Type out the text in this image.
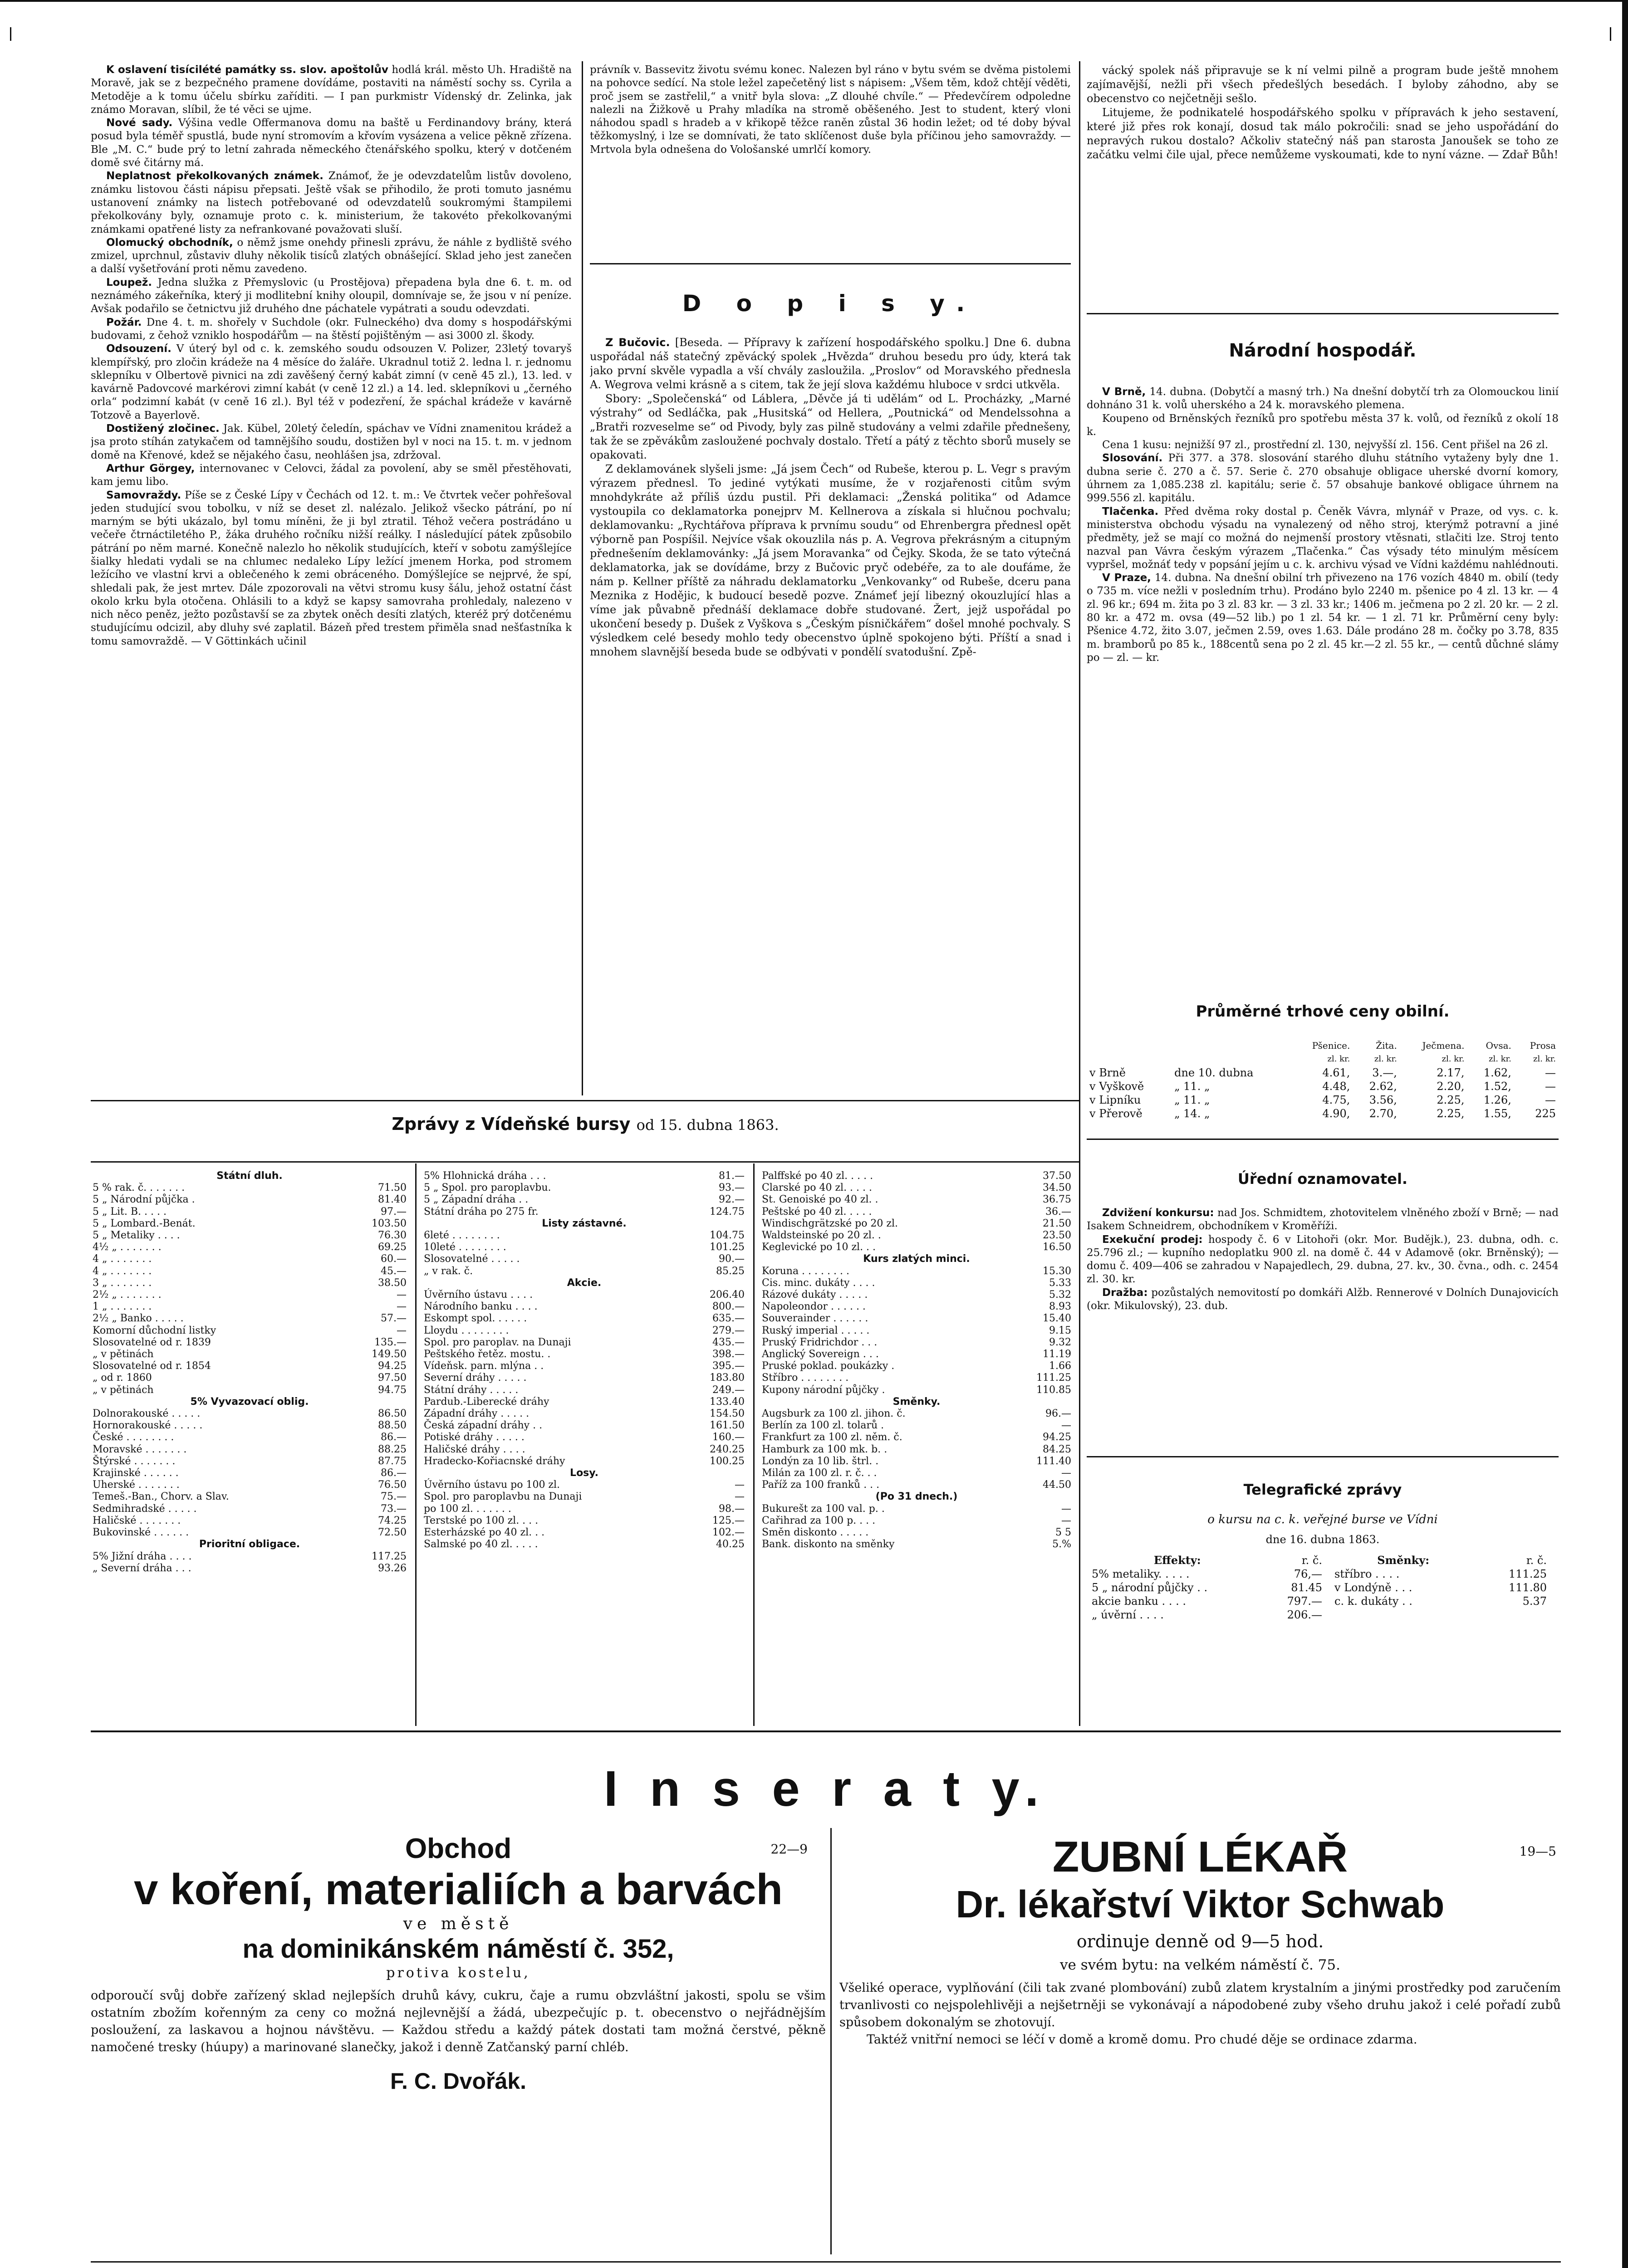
K oslavení tisícilété památky ss. slov. apoštolův hodlá král. město Uh. Hradiště na Moravě, jak se z bezpečného pramene dovídáme, postaviti na náměstí sochy ss. Cyrila a Metoděje a k tomu účelu sbírku zaříditi. — I pan purkmistr Vídenský dr. Zelinka, jak známo Moravan, slíbil, že té věci se ujme.

Nové sady. Výšina vedle Offermanova domu na baště u Ferdinandovy brány, která posud byla téměř spustlá, bude nyní stromovím a křovím vysázena a velice pěkně zřízena. Ble „M. C.“ bude prý to letní zahrada německého čtenářského spolku, který v dotčeném domě své čitárny má.

Neplatnost překolkovaných známek. Známoť, že je odevzdatelům listův dovoleno, známku listovou části nápisu přepsati. Ještě však se přihodilo, že proti tomuto jasnému ustanovení známky na listech potřebované od odevzdatelů soukromými štampilemi překolkovány byly, oznamuje proto c. k. ministerium, že takovéto překolkovanými známkami opatřené listy za nefrankované považovati sluší.

Olomucký obchodník, o němž jsme onehdy přinesli zprávu, že náhle z bydliště svého zmizel, uprchnul, zůstaviv dluhy několik tisíců zlatých obnášející. Sklad jeho jest zanečen a další vyšetřování proti němu zavedeno.

Loupež. Jedna služka z Přemyslovic (u Prostějova) přepadena byla dne 6. t. m. od neznámého zákeřníka, který ji modlitební knihy oloupil, domnívaje se, že jsou v ní peníze. Avšak podařilo se četnictvu již druhého dne páchatele vypátrati a soudu odevzdati.

Požár. Dne 4. t. m. shořely v Suchdole (okr. Fulneckého) dva domy s hospodářskými budovami, z čehož vzniklo hospodářům — na štěstí pojištěným — asi 3000 zl. škody.

Odsouzení. V úterý byl od c. k. zemského soudu odsouzen V. Polizer, 23letý tovaryš klempířský, pro zločin krádeže na 4 měsíce do žaláře. Ukradnul totiž 2. ledna l. r. jednomu sklepníku v Olbertově pivnici na zdi zavěšený černý kabát zimní (v ceně 45 zl.), 13. led. v kavárně Padovcové markérovi zimní kabát (v ceně 12 zl.) a 14. led. sklepníkovi u „černého orla“ podzimní kabát (v ceně 16 zl.). Byl též v podezření, že spáchal krádeže v kavárně Totzově a Bayerlově.

Dostižený zločinec. Jak. Kübel, 20letý čeledín, spáchav ve Vídni znamenitou krádež a jsa proto stíhán zatykačem od tamnějšího soudu, dostižen byl v noci na 15. t. m. v jednom domě na Křenové, kdež se nějakého času, neohlášen jsa, zdržoval.

Arthur Görgey, internovanec v Celovci, žádal za povolení, aby se směl přestěhovati, kam jemu libo.

Samovraždy. Píše se z České Lípy v Čechách od 12. t. m.: Ve čtvrtek večer pohřešoval jeden studující svou tobolku, v níž se deset zl. nalézalo. Jelikož všecko pátrání, po ní marným se býti ukázalo, byl tomu míněni, že ji byl ztratil. Téhož večera postrádáno u večeře čtrnáctiletého P., žáka druhého ročníku nižší reálky. I následující pátek způsobilo pátrání po něm marné. Konečně nalezlo ho několik studujících, kteří v sobotu zamýšlejíce šialky hledati vydali se na chlumec nedaleko Lípy ležící jmenem Horka, pod stromem ležícího ve vlastní krvi a oblečeného k zemi obráceného. Domýšlejíce se nejprvé, že spí, shledali pak, že jest mrtev. Dále zpozorovali na větvi stromu kusy šálu, jehož ostatní část okolo krku byla otočena. Ohlásili to a když se kapsy samovraha prohledaly, nalezeno v nich něco peněz, ježto pozůstavší se za zbytek oněch desíti zlatých, kteréž prý dotčenému studujícímu odcizil, aby dluhy své zaplatil. Bázeň před trestem přiměla snad nešťastníka k tomu samovraždě. — V Göttinkách učinil

právník v. Bassevitz životu svému konec. Nalezen byl ráno v bytu svém se dvěma pistolemi na pohovce sedící. Na stole ležel zapečetěný list s nápisem: „Všem těm, kdož chtějí věděti, proč jsem se zastřelil,“ a vnitř byla slova: „Z dlouhé chvíle.“ — Předevčírem odpoledne nalezli na Žižkově u Prahy mladíka na stromě oběšeného. Jest to student, který vloni náhodou spadl s hradeb a v křikopě těžce raněn zůstal 36 hodin ležet; od té doby býval těžkomyslný, i lze se domnívati, že tato sklíčenost duše byla příčinou jeho samovraždy. — Mrtvola byla odnešena do Vološanské umrlčí komory.

D o p i s y.

Z Bučovic. [Beseda. — Přípravy k zařízení hospodářského spolku.] Dne 6. dubna uspořádal náš statečný zpěvácký spolek „Hvězda“ druhou besedu pro údy, která tak jako první skvěle vypadla a vší chvály zasloužila. „Proslov“ od Moravského přednesla A. Wegrova velmi krásně a s citem, tak že její slova každému hluboce v srdci utkvěla.

Sbory: „Společenská“ od Láblera, „Děvče já ti udělám“ od L. Procházky, „Marné výstrahy“ od Sedláčka, pak „Husitská“ od Hellera, „Poutnická“ od Mendelssohna a „Bratři rozveselme se“ od Pivody, byly zas pilně studovány a velmi zdařile přednešeny, tak že se zpěvákům zasloužené pochvaly dostalo. Třetí a pátý z těchto sborů musely se opakovati.

Z deklamovánek slyšeli jsme: „Já jsem Čech“ od Rubeše, kterou p. L. Vegr s pravým výrazem přednesl. To jediné vytýkati musíme, že v rozjařenosti citům svým mnohdykráte až příliš úzdu pustil. Při deklamaci: „Ženská politika“ od Adamce vystoupila co deklamatorka ponejprv M. Kellnerova a získala si hlučnou pochvalu; deklamovanku: „Rychtářova příprava k prvnímu soudu“ od Ehrenbergra přednesl opět výborně pan Pospíšil. Nejvíce však okouzlila nás p. A. Vegrova překrásným a citupným přednešením deklamovánky: „Já jsem Moravanka“ od Čejky. Skoda, že se tato výtečná deklamatorka, jak se dovídáme, brzy z Bučovic pryč odebéře, za to ale doufáme, že nám p. Kellner příště za náhradu deklamatorku „Venkovanky“ od Rubeše, dceru pana Meznika z Hodějic, k budoucí besedě pozve. Známeť její libezný okouzlující hlas a víme jak půvabně přednáší deklamace dobře studované. Žert, jejž uspořádal po ukončení besedy p. Dušek z Vyškova s „Českým písničkářem“ došel mnohé pochvaly. S výsledkem celé besedy mohlo tedy obecenstvo úplně spokojeno býti. Příští a snad i mnohem slavnější beseda bude se odbývati v pondělí svatodušní. Zpě-

vácký spolek náš připravuje se k ní velmi pilně a program bude ještě mnohem zajímavější, nežli při všech předešlých besedách. I byloby záhodno, aby se obecenstvo co nejčetněji sešlo.

Litujeme, že podnikatelé hospodářského spolku v přípravách k jeho sestavení, které již přes rok konají, dosud tak málo pokročili: snad se jeho uspořádání do nepravých rukou dostalo? Ačkoliv statečný náš pan starosta Janoušek se toho ze začátku velmi čile ujal, přece nemůžeme vyskoumati, kde to nyní vázne. — Zdař Bůh!

Národní hospodář.

V Brně, 14. dubna. (Dobytčí a masný trh.) Na dnešní dobytčí trh za Olomouckou linií dohnáno 31 k. volů uherského a 24 k. moravského plemena.

Koupeno od Brněnských řezníků pro spotřebu města 37 k. volů, od řezníků z okolí 18 k.

Cena 1 kusu: nejnižší 97 zl., prostřední zl. 130, nejvyšší zl. 156. Cent přišel na 26 zl.

Slosování. Při 377. a 378. slosování starého dluhu státního vytaženy byly dne 1. dubna serie č. 270 a č. 57. Serie č. 270 obsahuje obligace uherské dvorní komory, úhrnem za 1,085.238 zl. kapitálu; serie č. 57 obsahuje bankové obligace úhrnem na 999.556 zl. kapitálu.

Tlačenka. Před dvěma roky dostal p. Čeněk Vávra, mlynář v Praze, od vys. c. k. ministerstva obchodu výsadu na vynalezený od něho stroj, kterýmž potravní a jiné předměty, jež se mají co možná do nejmenší prostory vtěsnati, stlačiti lze. Stroj tento nazval pan Vávra českým výrazem „Tlačenka.“ Čas výsady této minulým měsícem vypršel, možnáť tedy v popsání jejím u c. k. archivu výsad ve Vídni každému nahlédnouti.

V Praze, 14. dubna. Na dnešní obilní trh přivezeno na 176 vozích 4840 m. obilí (tedy o 735 m. více nežli v posledním trhu). Prodáno bylo 2240 m. pšenice po 4 zl. 13 kr. — 4 zl. 96 kr.; 694 m. žita po 3 zl. 83 kr. — 3 zl. 33 kr.; 1406 m. ječmena po 2 zl. 20 kr. — 2 zl. 80 kr. a 472 m. ovsa (49—52 lib.) po 1 zl. 54 kr. — 1 zl. 71 kr. Průměrní ceny byly: Pšenice 4.72, žito 3.07, ječmen 2.59, oves 1.63. Dále prodáno 28 m. čočky po 3.78, 835 m. bramborů po 85 k., 188centů sena po 2 zl. 45 kr.—2 zl. 55 kr., — centů důchné slámy po — zl. — kr.

Průměrné trhové ceny obilní.
		Pšenice.	Žita.	Ječmena.	Ovsa.	Prosa
		zl. kr.	zl. kr.	zl. kr.	zl. kr.	zl. kr.
v Brně	dne 10. dubna	4.61,	3.—,	2.17,	1.62,	—
v Vyškově	„ 11. „	4.48,	2.62,	2.20,	1.52,	—
v Lipníku	„ 11. „	4.75,	3.56,	2.25,	1.26,	—
v Přerově	„ 14. „	4.90,	2.70,	2.25,	1.55,	225
Zprávy z Vídeňské bursy od 15. dubna 1863.
Státní dluh.	
5 % rak. č. . . . . . .	71.50
5 „ Národní půjčka .	81.40
5 „ Lit. B. . . . .	97.—
5 „ Lombard.-Benát.	103.50
5 „ Metaliky . . . .	76.30
4½ „ . . . . . . .	69.25
4 „ . . . . . . .	60.—
4 „ . . . . . . .	45.—
3 „ . . . . . . .	38.50
2½ „ . . . . . . .	—
1 „ . . . . . . .	—
2½ „ Banko . . . . .	57.—
Komorní důchodní listky	—
Slosovatelné od r. 1839	135.—
„ v pětinách	149.50
Slosovatelné od r. 1854	94.25
„ od r. 1860	97.50
„ v pětinách	94.75
5% Vyvazovací oblig.	
Dolnorakouské . . . . .	86.50
Hornorakouské . . . . .	88.50
České . . . . . . . .	86.—
Moravské . . . . . . .	88.25
Štýrské . . . . . . .	87.75
Krajinské . . . . . .	86.—
Uherské . . . . . . .	76.50
Temeš.-Ban., Chorv. a Slav.	75.—
Sedmihradské . . . . .	73.—
Haličské . . . . . . .	74.25
Bukovinské . . . . . .	72.50
Prioritní obligace.	
5% Jižní dráha . . . .	117.25
„ Severní dráha . . .	93.26
5% Hlohnická dráha . . .	81.—
5 „ Spol. pro paroplavbu.	93.—
5 „ Západní dráha . .	92.—
Státní dráha po 275 fr.	124.75
Listy zástavné.	
6leté . . . . . . . .	104.75
10leté . . . . . . . .	101.25
Slosovatelné . . . . .	90.—
„ v rak. č.	85.25
Akcie.	
Úvěrního ústavu . . . .	206.40
Národního banku . . . .	800.—
Eskompt spol. . . . . .	635.—
Lloydu . . . . . . . .	279.—
Spol. pro paroplav. na Dunaji	435.—
Peštského řetěz. mostu. .	398.—
Vídeňsk. parn. mlýna . .	395.—
Severní dráhy . . . . .	183.80
Státní dráhy . . . . .	249.—
Pardub.-Liberecké dráhy	133.40
Západní dráhy . . . . .	154.50
Česká západní dráhy . .	161.50
Potiské dráhy . . . . .	160.—
Haličské dráhy . . . .	240.25
Hradecko-Kořiacnské dráhy	100.25
Losy.	
Úvěrního ústavu po 100 zl.	—
Spol. pro paroplavbu na Dunaji	—
po 100 zl. . . . . . .	98.—
Terstské po 100 zl. . . .	125.—
Esterházské po 40 zl. . .	102.—
Salmské po 40 zl. . . . .	40.25
Palffské po 40 zl. . . . .	37.50
Clarské po 40 zl. . . . .	34.50
St. Genoiské po 40 zl. .	36.75
Peštské po 40 zl. . . . .	36.—
Windischgrätzské po 20 zl.	21.50
Waldsteinské po 20 zl. .	23.50
Keglevické po 10 zl. . .	16.50
Kurs zlatých minci.	
Koruna . . . . . . . .	15.30
Cis. minc. dukáty . . . .	5.33
Rázové dukáty . . . . .	5.32
Napoleondor . . . . . .	8.93
Souverainder . . . . . .	15.40
Ruský imperial . . . . .	9.15
Pruský Fridrichdor . . .	9.32
Anglický Sovereign . . .	11.19
Pruské poklad. poukázky .	1.66
Stříbro . . . . . . . .	111.25
Kupony národní půjčky .	110.85
Směnky.	
Augsburk za 100 zl. jihon. č.	96.—
Berlín za 100 zl. tolarů .	—
Frankfurt za 100 zl. něm. č.	94.25
Hamburk za 100 mk. b. .	84.25
Londýn za 10 lib. štrl. .	111.40
Milán za 100 zl. r. č. . .	—
Paříž za 100 franků . . .	44.50
(Po 31 dnech.)	
Bukurešt za 100 val. p. .	—
Cařihrad za 100 p. . . .	—
Směn diskonto . . . . .	5 5
Bank. diskonto na směnky	5.%
Úřední oznamovatel.

Zdvižení konkursu: nad Jos. Schmidtem, zhotovitelem vlněného zboží v Brně; — nad Isakem Schneidrem, obchodníkem v Kroměříži.

Exekuční prodej: hospody č. 6 v Litohoři (okr. Mor. Budějk.), 23. dubna, odh. c. 25.796 zl.; — kupního nedoplatku 900 zl. na domě č. 44 v Adamově (okr. Brněnský); — domu č. 409—406 se zahradou v Napajedlech, 29. dubna, 27. kv., 30. čvna., odh. c. 2454 zl. 30. kr.

Dražba: pozůstalých nemovitostí po domkáři Alžb. Rennerové v Dolních Dunajovicích (okr. Mikulovský), 23. dub.

Telegrafické zprávy
o kursu na c. k. veřejné burse ve Vídni
dne 16. dubna 1863.
Effekty:	r. č.
5% metaliky. . . . .	76,—
5 „ národní půjčky . .	81.45
akcie banku . . . .	797.—
„ úvěrní . . . .	206.—
Směnky:	r. č.
stříbro . . . .	111.25
v Londýně . . .	111.80
c. k. dukáty . .	5.37

I n s e r a t y.
Obchod	22—9
v koření, materialiích a barvách
ve městě
na dominikánském náměstí č. 352,
protiva kostelu,

odporoučí svůj dobře zařízený sklad nejlepších druhů kávy, cukru, čaje a rumu obzvláštní jakosti, spolu se všim ostatním zbožím kořenným za ceny co možná nejlevnější a žádá, ubezpečujíc p. t. obecenstvo o nejřádnějším posloužení, za laskavou a hojnou návštěvu. — Každou středu a každý pátek dostati tam možná čerstvé, pěkně namočené tresky (húupy) a marinované slanečky, jakož i denně Zatčanský parní chléb.

F. C. Dvořák.
ZUBNÍ LÉKAŘ	19—5
Dr. lékařství Viktor Schwab
ordinuje denně od 9—5 hod.
ve svém bytu: na velkém náměstí č. 75.

Všeliké operace, vyplňování (čili tak zvané plombování) zubů zlatem krystalním a jinými prostředky pod zaručením trvanlivosti co nejspolehlivěji a nejšetrněji se vykonávají a nápodobené zuby všeho druhu jakož i celé pořadí zubů spůsobem dokonalým se zhotovují.

Taktéž vnitřní nemoci se léčí v domě a kromě domu. Pro chudé děje se ordinace zdarma.
